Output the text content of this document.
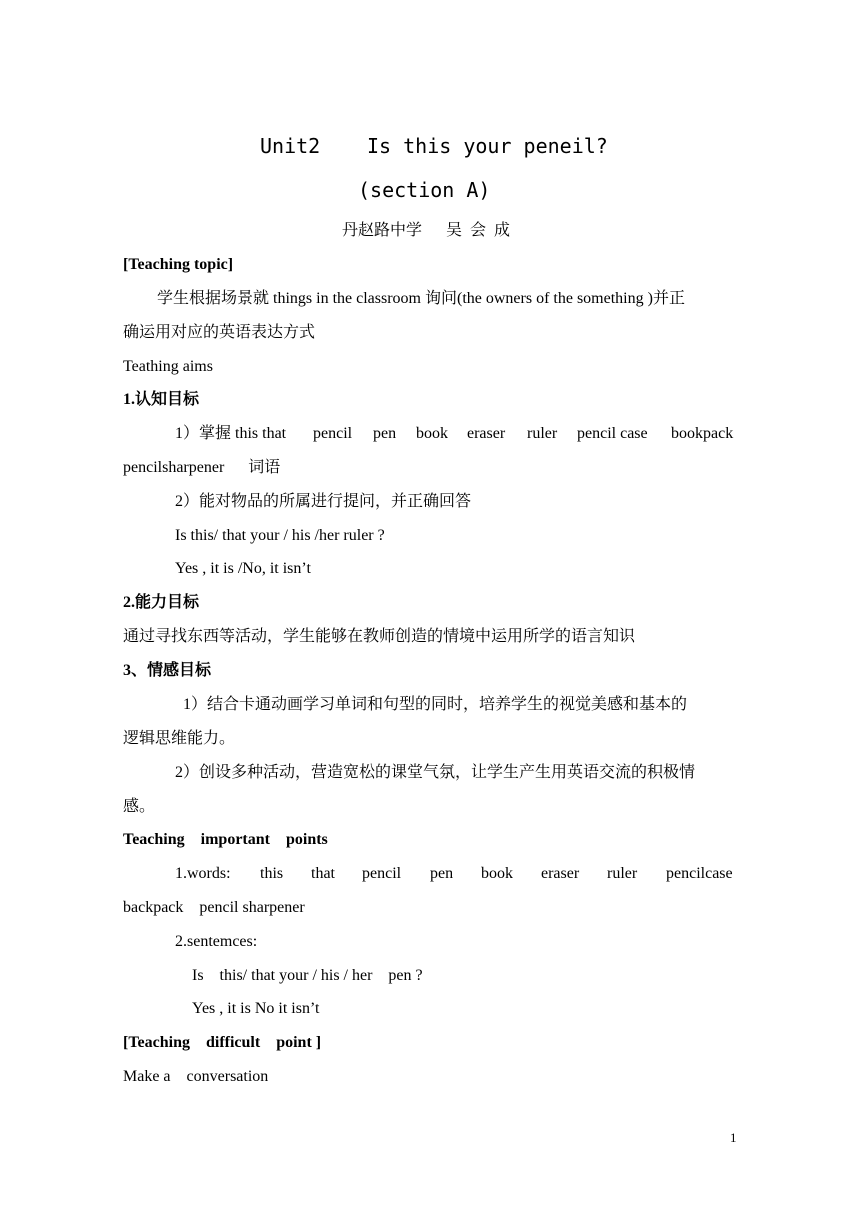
Unit2 Is this your peneil?
(section A)
丹赵路中学      吴  会  成
[Teaching topic]
学生根据场景就 things in the classroom 询问(the owners of the something )并正
确运用对应的英语表达方式
Teathing aims
1.认知目标
1）掌握 this that pencil pen book eraser ruler pencil case bookpack
pencilsharpener      词语
2）能对物品的所属进行提问，并正确回答
Is this/ that your / his /her ruler ?
Yes , it is /No, it isn’t
2.能力目标
通过寻找东西等活动，学生能够在教师创造的情境中运用所学的语言知识
3、情感目标
1）结合卡通动画学习单词和句型的同时，培养学生的视觉美感和基本的
逻辑思维能力。
2）创设多种活动，营造宽松的课堂气氛，让学生产生用英语交流的积极情
感。
Teaching    important    points
1.words: this that pencil pen book eraser ruler pencilcase
backpack    pencil sharpener
2.sentemces:
Is    this/ that your / his / her    pen ?
Yes , it is No it isn’t
[Teaching    difficult    point ]
Make a    conversation
1
